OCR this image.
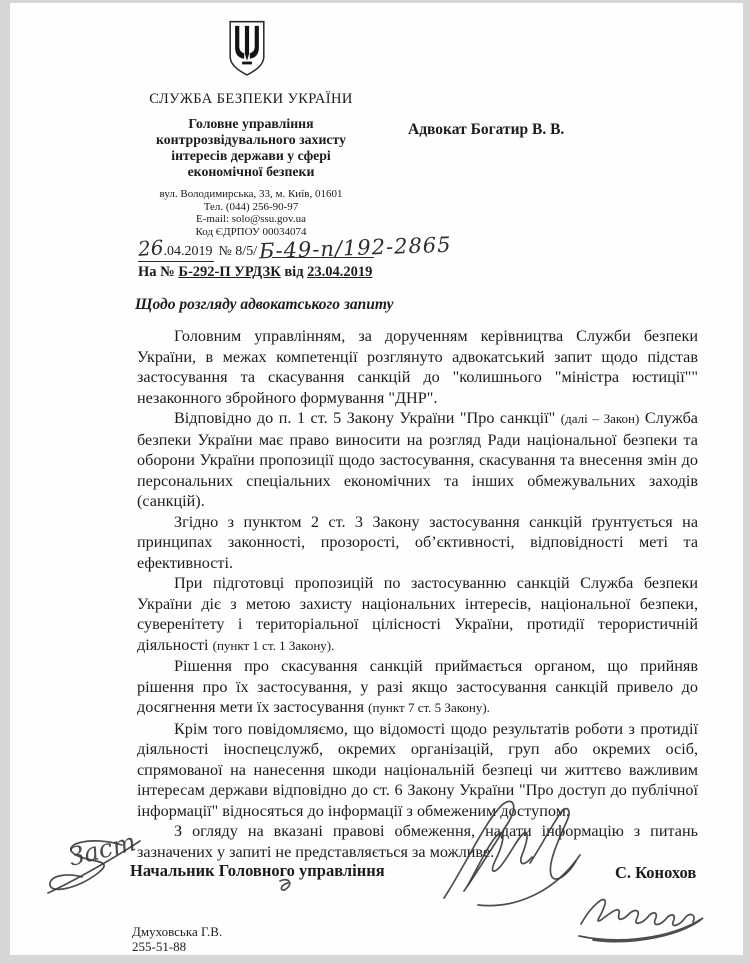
СЛУЖБА БЕЗПЕКИ УКРАЇНИ
Головне управління
контррозвідувального захисту
інтересів держави у сфері
економічної безпеки
Адвокат Богатир В. В.
вул. Володимирська, 33, м. Київ, 01601
Тел. (044) 256-90-97
E-mail: solo@ssu.gov.ua
Код ЄДРПОУ 00034074
26.04.2019 № 8/5/Б-49-п/192-2865
На № Б-292-П УРДЗК від 23.04.2019
Щодо розгляду адвокатського запиту

Головним управлінням, за дорученням керівництва Служби безпеки України, в межах компетенції розглянуто адвокатський запит щодо підстав застосування та скасування санкцій до "колишнього "міністра юстиції"" незаконного збройного формування "ДНР".

Відповідно до п. 1 ст. 5 Закону України "Про санкції" (далі – Закон) Служба безпеки України має право виносити на розгляд Ради національної безпеки та оборони України пропозиції щодо застосування, скасування та внесення змін до персональних спеціальних економічних та інших обмежувальних заходів (санкцій).

Згідно з пунктом 2 ст. 3 Закону застосування санкцій ґрунтується на принципах законності, прозорості, об’єктивності, відповідності меті та ефективності.

При підготовці пропозицій по застосуванню санкцій Служба безпеки України діє з метою захисту національних інтересів, національної безпеки, суверенітету і територіальної цілісності України, протидії терористичній діяльності (пункт 1 ст. 1 Закону).

Рішення про скасування санкцій приймається органом, що прийняв рішення про їх застосування, у разі якщо застосування санкцій привело до досягнення мети їх застосування (пункт 7 ст. 5 Закону).

Крім того повідомляємо, що відомості щодо результатів роботи з протидії діяльності іноспецслужб, окремих організацій, груп або окремих осіб, спрямованої на нанесення шкоди національній безпеці чи життєво важливим інтересам держави відповідно до ст. 6 Закону України "Про доступ до публічної інформації" відносяться до інформації з обмеженим доступом.

З огляду на вказані правові обмеження, надати інформацію з питань зазначених у запиті не представляється за можливе.

Заст
Начальник Головного управління	С. Конохов
Дмуховська Г.В.
255-51-88
